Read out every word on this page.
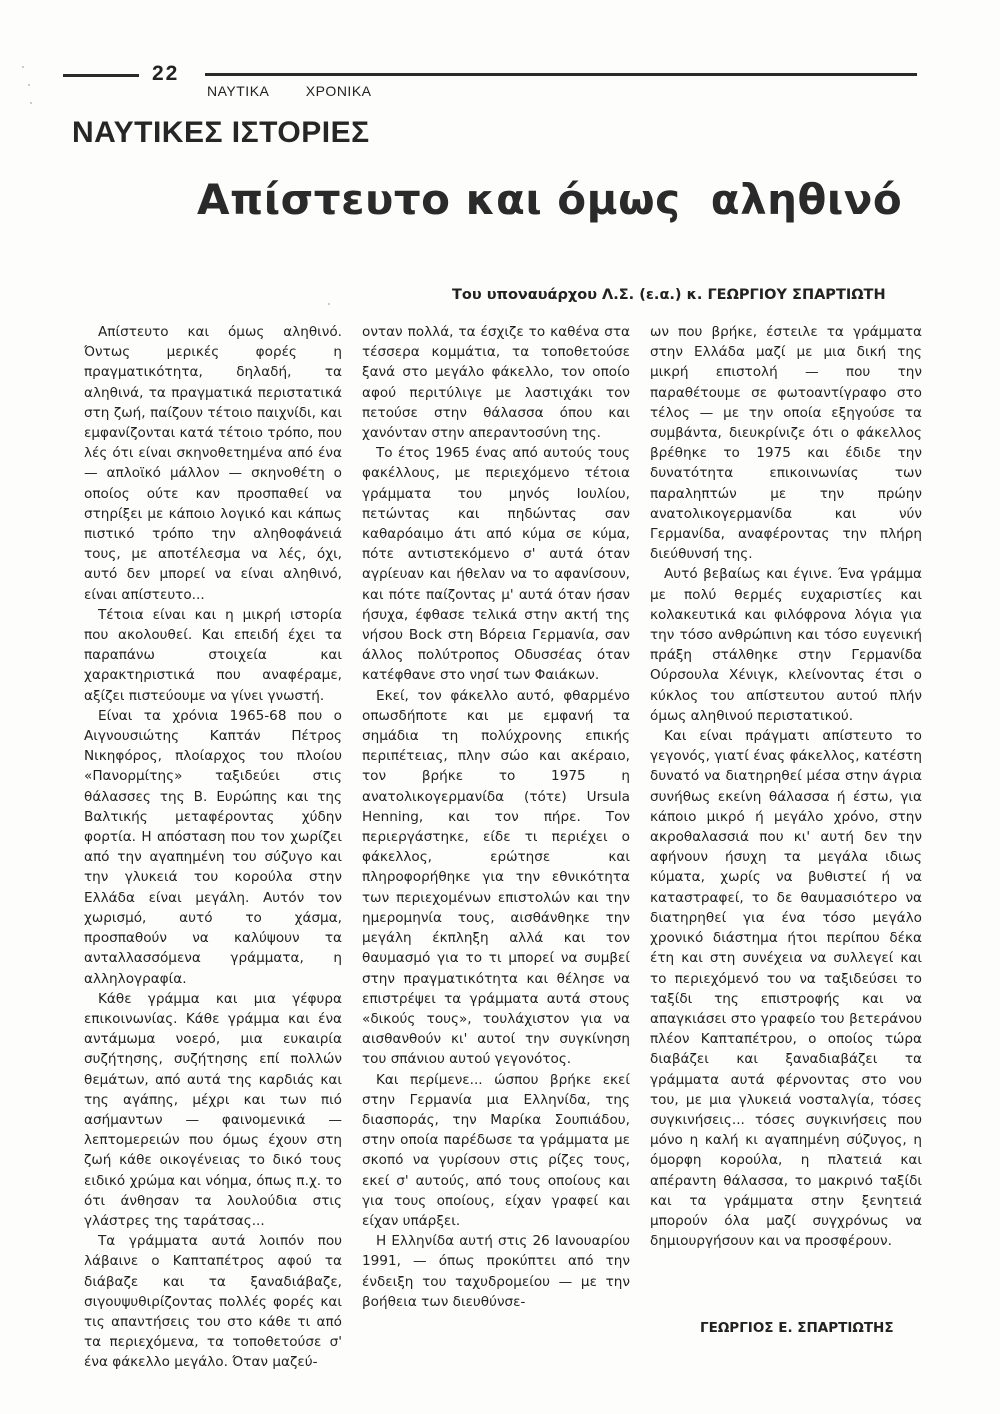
22
ΝΑΥΤΙΚΑ   ΧΡΟΝΙΚΑ
ΝΑΥΤΙΚΕΣ ΙΣΤΟΡΙΕΣ
Απίστευτο και όμως  αληθινό
Του υποναυάρχου Λ.Σ. (ε.α.) κ. ΓΕΩΡΓΙΟΥ ΣΠΑΡΤΙΩΤΗ

Απίστευτο και όμως αληθινό. Όντως μερικές φορές η πραγματικότητα, δηλαδή, τα αληθινά, τα πραγματικά περιστατικά στη ζωή, παίζουν τέτοιο παιχνίδι, και εμφανίζονται κατά τέτοιο τρόπο, που λές ότι είναι σκηνοθετημένα από ένα — απλοϊκό μάλλον — σκηνοθέτη ο οποίος ούτε καν προσπαθεί να στηρίξει με κάποιο λογικό και κάπως πιστικό τρόπο την αληθοφάνειά τους, με αποτέλεσμα να λές, όχι, αυτό δεν μπορεί να είναι αληθινό, είναι απίστευτο...

Τέτοια είναι και η μικρή ιστορία που ακολουθεί. Και επειδή έχει τα παραπάνω στοιχεία και χαρακτηριστικά που αναφέραμε, αξίζει πιστεύουμε να γίνει γνωστή.

Είναι τα χρόνια 1965-68 που ο Αιγνουσιώτης Καπτάν Πέτρος Νικηφόρος, πλοίαρχος του πλοίου «Πανορμίτης» ταξιδεύει στις θάλασσες της Β. Ευρώπης και της Βαλτικής μεταφέροντας χύδην φορτία. Η απόσταση που τον χωρίζει από την αγαπημένη του σύζυγο και την γλυκειά του κορούλα στην Ελλάδα είναι μεγάλη. Αυτόν τον χωρισμό, αυτό το χάσμα, προσπαθούν να καλύψουν τα ανταλλασσόμενα γράμματα, η αλληλογραφία.

Κάθε γράμμα και μια γέφυρα επικοινωνίας. Κάθε γράμμα και ένα αντάμωμα νοερό, μια ευκαιρία συζήτησης, συζήτησης επί πολλών θεμάτων, από αυτά της καρδιάς και της αγάπης, μέχρι και των πιό ασήμαντων — φαινομενικά — λεπτομερειών που όμως έχουν στη ζωή κάθε οικογένειας το δικό τους ειδικό χρώμα και νόημα, όπως π.χ. το ότι άνθησαν τα λουλούδια στις γλάστρες της ταράτσας...

Τα γράμματα αυτά λοιπόν που λάβαινε ο Καπταπέτρος αφού τα διάβαζε και τα ξαναδιάβαζε, σιγουψυθιρίζοντας πολλές φορές και τις απαντήσεις του στο κάθε τι από τα περιεχόμενα, τα τοποθετούσε σ' ένα φάκελλο μεγάλο. Όταν μαζεύ-

ονταν πολλά, τα έσχιζε το καθένα στα τέσσερα κομμάτια, τα τοποθετούσε ξανά στο μεγάλο φάκελλο, τον οποίο αφού περιτύλιγε με λαστιχάκι τον πετούσε στην θάλασσα όπου και χανόνταν στην απεραντοσύνη της.

Το έτος 1965 ένας από αυτούς τους φακέλλους, με περιεχόμενο τέτοια γράμματα του μηνός Ιουλίου, πετώντας και πηδώντας σαν καθαρόαιμο άτι από κύμα σε κύμα, πότε αντιστεκόμενο σ' αυτά όταν αγρίευαν και ήθελαν να το αφανίσουν, και πότε παίζοντας μ' αυτά όταν ήσαν ήσυχα, έφθασε τελικά στην ακτή της νήσου Bock στη Βόρεια Γερμανία, σαν άλλος πολύτροπος Οδυσσέας όταν κατέφθανε στο νησί των Φαιάκων.

Εκεί, τον φάκελλο αυτό, φθαρμένο οπωσδήποτε και με εμφανή τα σημάδια τη πολύχρονης επικής περιπέτειας, πλην σώο και ακέραιο, τον βρήκε το 1975 η ανατολικογερμανίδα (τότε) Ursula Henning, και τον πήρε. Τον περιεργάστηκε, είδε τι περιέχει ο φάκελλος, ερώτησε και πληροφορήθηκε για την εθνικότητα των περιεχομένων επιστολών και την ημερομηνία τους, αισθάνθηκε την μεγάλη έκπληξη αλλά και τον θαυμασμό για το τι μπορεί να συμβεί στην πραγματικότητα και θέλησε να επιστρέψει τα γράμματα αυτά στους «δικούς τους», τουλάχιστον για να αισθανθούν κι' αυτοί την συγκίνηση του σπάνιου αυτού γεγονότος.

Και περίμενε... ώσπου βρήκε εκεί στην Γερμανία μια Ελληνίδα, της διασποράς, την Μαρίκα Σουπιάδου, στην οποία παρέδωσε τα γράμματα με σκοπό να γυρίσουν στις ρίζες τους, εκεί σ' αυτούς, από τους οποίους και για τους οποίους, είχαν γραφεί και είχαν υπάρξει.

Η Ελληνίδα αυτή στις 26 Ιανουαρίου 1991, — όπως προκύπτει από την ένδειξη του ταχυδρομείου — με την βοήθεια των διευθύνσε-

ων που βρήκε, έστειλε τα γράμματα στην Ελλάδα μαζί με μια δική της μικρή επιστολή — που την παραθέτουμε σε φωτοαντίγραφο στο τέλος — με την οποία εξηγούσε τα συμβάντα, διευκρίνιζε ότι ο φάκελλος βρέθηκε το 1975 και έδιδε την δυνατότητα επικοινωνίας των παραληπτών με την πρώην ανατολικογερμανίδα και νύν Γερμανίδα, αναφέροντας την πλήρη διεύθυνσή της.

Αυτό βεβαίως και έγινε. Ένα γράμμα με πολύ θερμές ευχαριστίες και κολακευτικά και φιλόφρονα λόγια για την τόσο ανθρώπινη και τόσο ευγενική πράξη στάλθηκε στην Γερμανίδα Ούρσουλα Χένιγκ, κλείνοντας έτσι ο κύκλος του απίστευτου αυτού πλήν όμως αληθινού περιστατικού.

Και είναι πράγματι απίστευτο το γεγονός, γιατί ένας φάκελλος, κατέστη δυνατό να διατηρηθεί μέσα στην άγρια συνήθως εκείνη θάλασσα ή έστω, για κάποιο μικρό ή μεγάλο χρόνο, στην ακροθαλασσιά που κι' αυτή δεν την αφήνουν ήσυχη τα μεγάλα ιδιως κύματα, χωρίς να βυθιστεί ή να καταστραφεί, το δε θαυμασιότερο να διατηρηθεί για ένα τόσο μεγάλο χρονικό διάστημα ήτοι περίπου δέκα έτη και στη συνέχεια να συλλεγεί και το περιεχόμενό του να ταξιδεύσει το ταξίδι της επιστροφής και να απαγκιάσει στο γραφείο του βετεράνου πλέον Καπταπέτρου, ο οποίος τώρα διαβάζει και ξαναδιαβάζει τα γράμματα αυτά φέρνοντας στο νου του, με μια γλυκειά νοσταλγία, τόσες συγκινήσεις... τόσες συγκινήσεις που μόνο η καλή κι αγαπημένη σύζυγος, η όμορφη κορούλα, η πλατειά και απέραντη θάλασσα, το μακρινό ταξίδι και τα γράμματα στην ξενητειά μπορούν όλα μαζί συγχρόνως να δημιουργήσουν και να προσφέρουν.

ΓΕΩΡΓΙΟΣ Ε. ΣΠΑΡΤΙΩΤΗΣ
